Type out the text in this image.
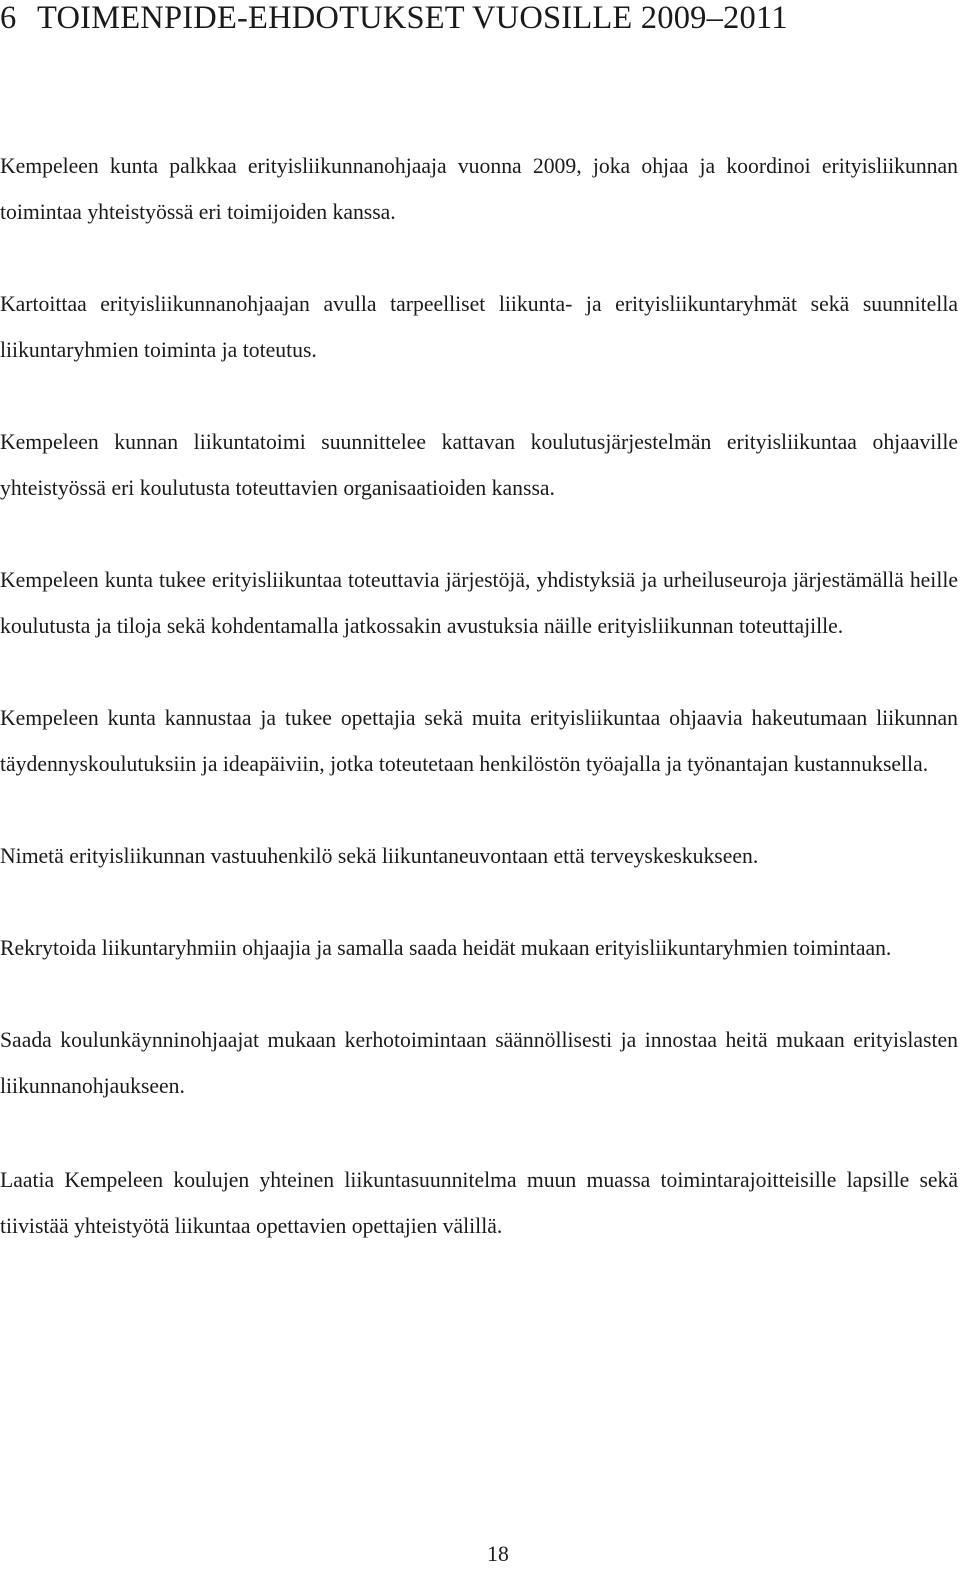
6 TOIMENPIDE-EHDOTUKSET VUOSILLE 2009–2011

Kempeleen kunta palkkaa erityisliikunnanohjaaja vuonna 2009, joka ohjaa ja koordinoi erityisliikunnan toimintaa yhteistyössä eri toimijoiden kanssa.

Kartoittaa erityisliikunnanohjaajan avulla tarpeelliset liikunta- ja erityisliikuntaryhmät sekä suunnitella liikuntaryhmien toiminta ja toteutus.

Kempeleen kunnan liikuntatoimi suunnittelee kattavan koulutusjärjestelmän erityisliikuntaa ohjaaville yhteistyössä eri koulutusta toteuttavien organisaatioiden kanssa.

Kempeleen kunta tukee erityisliikuntaa toteuttavia järjestöjä, yhdistyksiä ja urheiluseuroja järjestämällä heille koulutusta ja tiloja sekä kohdentamalla jatkossakin avustuksia näille erityisliikunnan toteuttajille.

Kempeleen kunta kannustaa ja tukee opettajia sekä muita erityisliikuntaa ohjaavia hakeutumaan liikunnan täydennyskoulutuksiin ja ideapäiviin, jotka toteutetaan henkilöstön työajalla ja työnantajan kustannuksella.

Nimetä erityisliikunnan vastuuhenkilö sekä liikuntaneuvontaan että terveyskeskukseen.

Rekrytoida liikuntaryhmiin ohjaajia ja samalla saada heidät mukaan erityisliikuntaryhmien toimintaan.

Saada koulunkäynninohjaajat mukaan kerhotoimintaan säännöllisesti ja innostaa heitä mukaan erityislasten liikunnanohjaukseen.

Laatia Kempeleen koulujen yhteinen liikuntasuunnitelma muun muassa toimintarajoitteisille lapsille sekä tiivistää yhteistyötä liikuntaa opettavien opettajien välillä.

18
